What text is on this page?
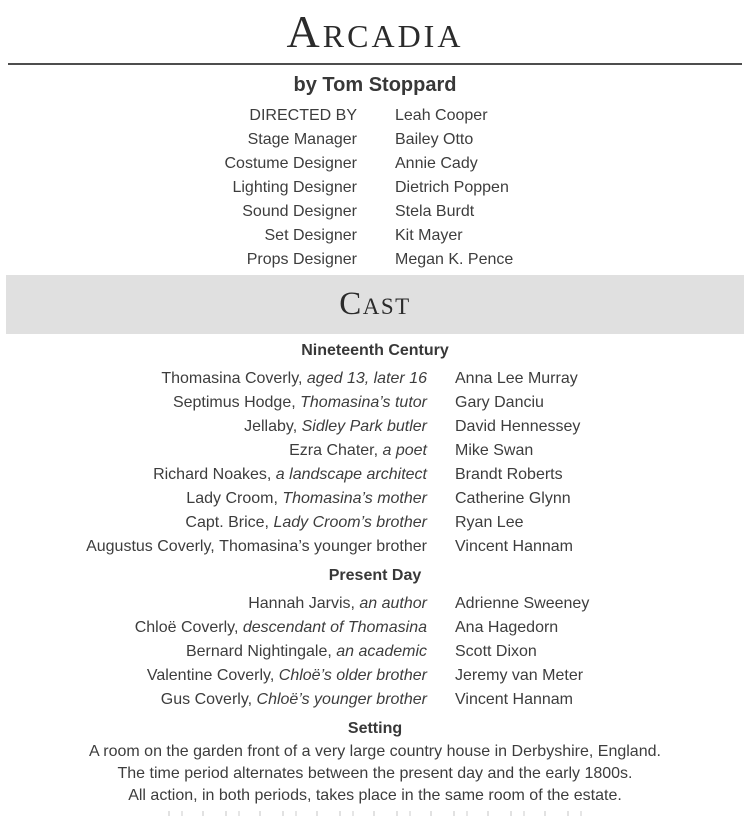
Arcadia
by Tom Stoppard
DIRECTED BY Leah Cooper
Stage Manager Bailey Otto
Costume Designer Annie Cady
Lighting Designer Dietrich Poppen
Sound Designer Stela Burdt
Set Designer Kit Mayer
Props Designer Megan K. Pence
Cast
Nineteenth Century
Thomasina Coverly, aged 13, later 16 Anna Lee Murray
Septimus Hodge, Thomasina’s tutor Gary Danciu
Jellaby, Sidley Park butler David Hennessey
Ezra Chater, a poet Mike Swan
Richard Noakes, a landscape architect Brandt Roberts
Lady Croom, Thomasina’s mother Catherine Glynn
Capt. Brice, Lady Croom’s brother Ryan Lee
Augustus Coverly, Thomasina’s younger brother Vincent Hannam
Present Day
Hannah Jarvis, an author Adrienne Sweeney
Chloë Coverly, descendant of Thomasina Ana Hagedorn
Bernard Nightingale, an academic Scott Dixon
Valentine Coverly, Chloë’s older brother Jeremy van Meter
Gus Coverly, Chloë’s younger brother Vincent Hannam
Setting

A room on the garden front of a very large country house in Derbyshire, England.

The time period alternates between the present day and the early 1800s.

All action, in both periods, takes place in the same room of the estate.
